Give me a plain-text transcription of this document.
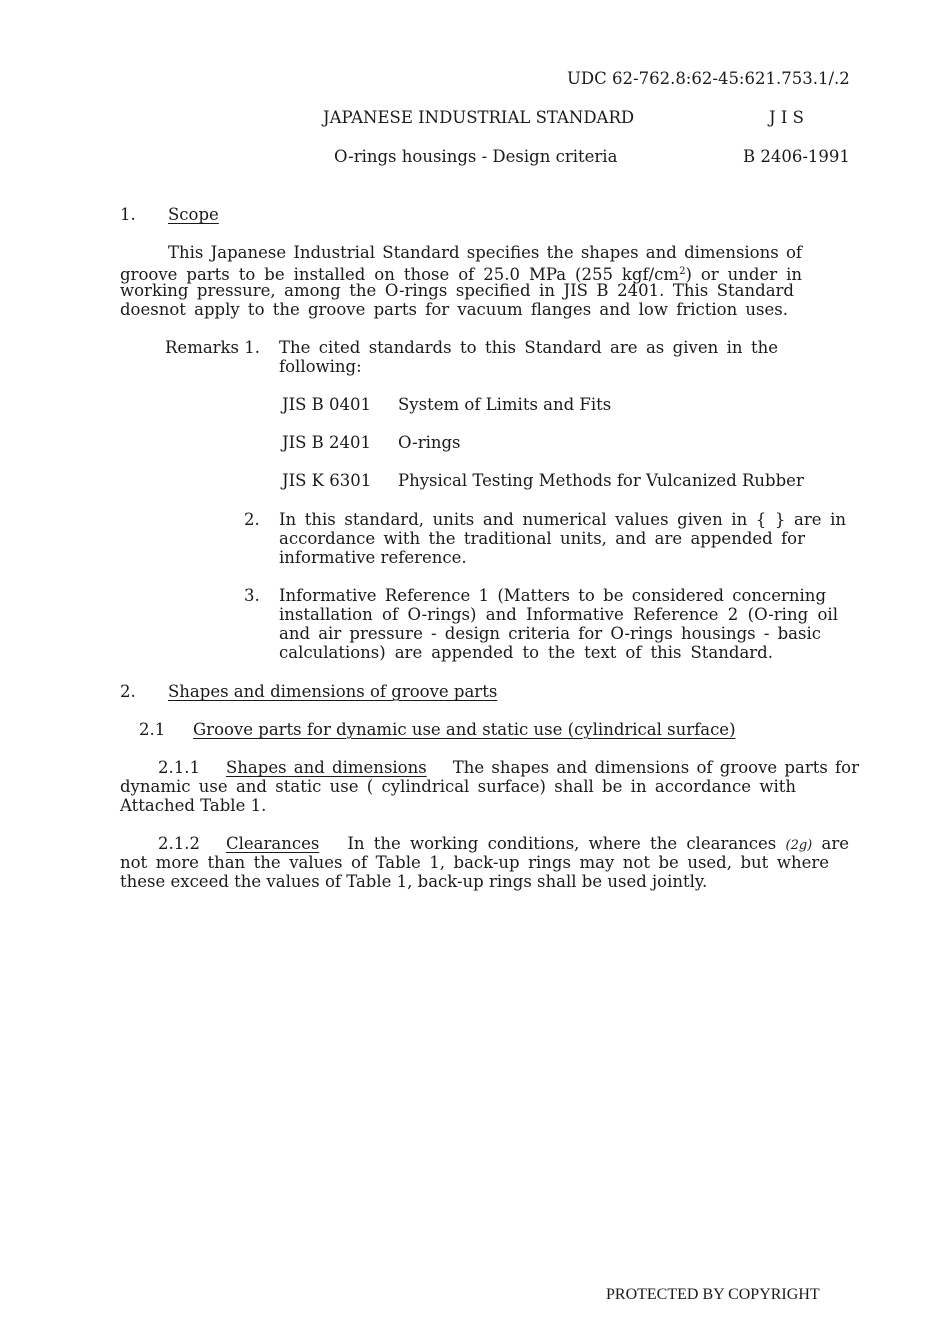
UDC 62-762.8:62-45:621.753.1/.2
JAPANESE INDUSTRIAL STANDARD	J I S
O-rings housings - Design criteria	B 2406-1991
1. Scope
This Japanese Industrial Standard specifies the shapes and dimensions of
groove parts to be installed on those of 25.0 MPa (255 kgf/$cm^2$) or under in
working pressure, among the O-rings specified in JIS B 2401. This Standard
doesnot apply to the groove parts for vacuum flanges and low friction uses.
Remarks 1. The cited standards to this Standard are as given in the
following:
JIS B 0401 System of Limits and Fits
JIS B 2401 O-rings
JIS K 6301 Physical Testing Methods for Vulcanized Rubber
2. In this standard, units and numerical values given in { } are in
accordance with the traditional units, and are appended for
informative reference.
3. Informative Reference 1 (Matters to be considered concerning
installation of O-rings) and Informative Reference 2 (O-ring oil
and air pressure - design criteria for O-rings housings - basic
calculations) are appended to the text of this Standard.
2. Shapes and dimensions of groove parts
2.1 Groove parts for dynamic use and static use (cylindrical surface)
2.1.1 Shapes and dimensions The shapes and dimensions of groove parts for
dynamic use and static use ( cylindrical surface) shall be in accordance with
Attached Table 1.
2.1.2 Clearances In the working conditions, where the clearances (2g) are
not more than the values of Table 1, back-up rings may not be used, but where
these exceed the values of Table 1, back-up rings shall be used jointly.
PROTECTED BY COPYRIGHT
